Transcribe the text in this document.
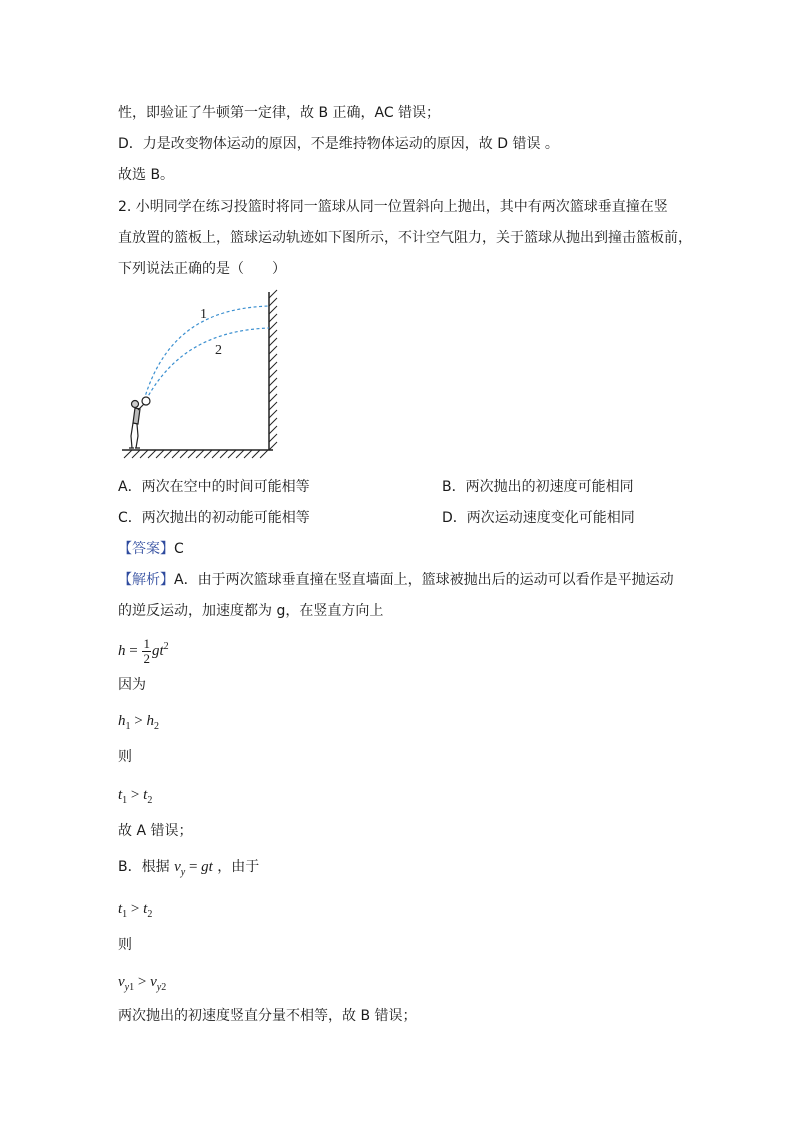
性，即验证了牛顿第一定律，故 B 正确，AC 错误；
D．力是改变物体运动的原因，不是维持物体运动的原因，故 D 错误 。
故选 B。
2. 小明同学在练习投篮时将同一篮球从同一位置斜向上抛出，其中有两次篮球垂直撞在竖
直放置的篮板上，篮球运动轨迹如下图所示，不计空气阻力，关于篮球从抛出到撞击篮板前，
下列说法正确的是（　　）
1
2
A．两次在空中的时间可能相等	B．两次抛出的初速度可能相同
C．两次抛出的初动能可能相等	D．两次运动速度变化可能相同
【答案】C
【解析】A．由于两次篮球垂直撞在竖直墙面上，篮球被抛出后的运动可以看作是平抛运动
的逆反运动，加速度都为 g，在竖直方向上
$h = \frac{1}{2} gt^2$
因为
$h_1 > h_2$
则
$t_1 > t_2$
故 A 错误；
B．根据 $v_y$ = gt ，由于
$t_1 > t_2$
则
$v_{y1} > v_{y2}$
两次抛出的初速度竖直分量不相等，故 B 错误；
